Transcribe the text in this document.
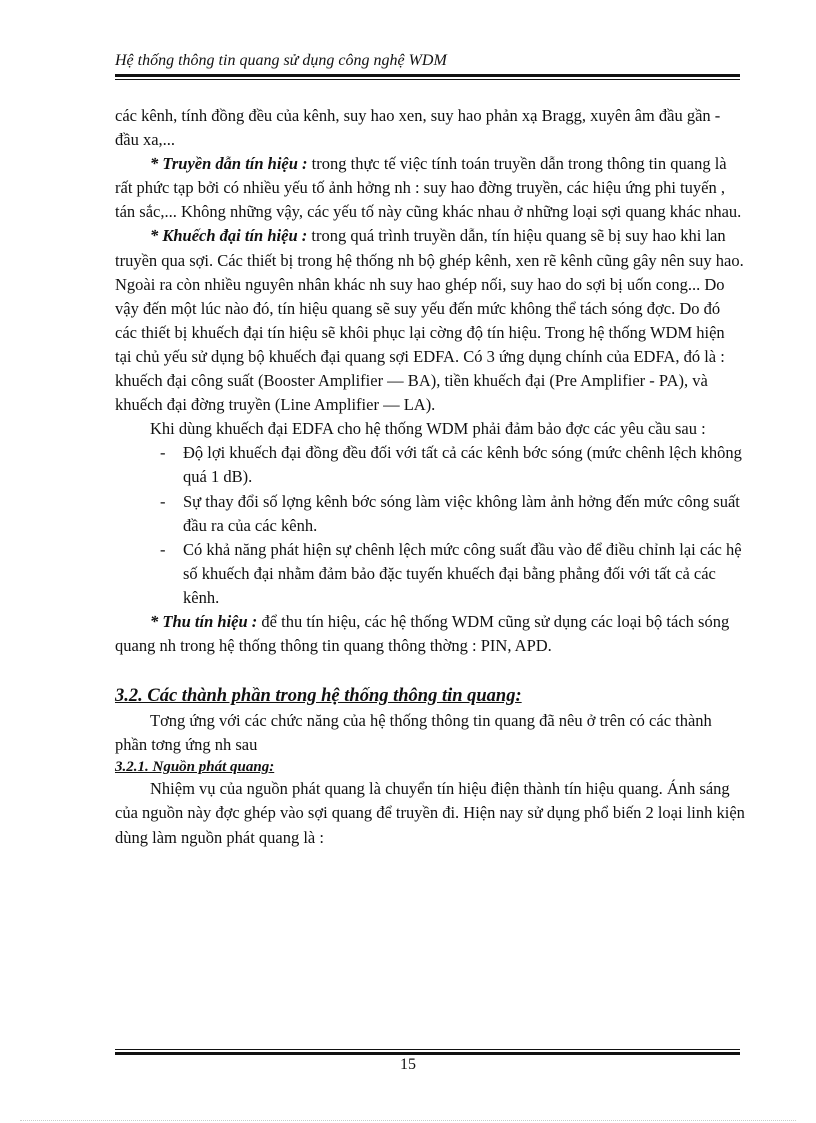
Hệ thống thông tin quang sử dụng công nghệ WDM

các kênh, tính đồng đều của kênh, suy hao xen, suy hao phản xạ Bragg, xuyên âm đầu gần - đầu xa,...

* Truyền dẫn tín hiệu : trong thực tế việc tính toán truyền dẫn trong thông tin quang là rất phức tạp bởi có nhiều yếu tố ảnh hởng nh : suy hao đờng truyền, các hiệu ứng phi tuyến , tán sắc,... Không những vậy, các yếu tố này cũng khác nhau ở những loại sợi quang khác nhau.

* Khuếch đại tín hiệu : trong quá trình truyền dẫn, tín hiệu quang sẽ bị suy hao khi lan truyền qua sợi. Các thiết bị trong hệ thống nh bộ ghép kênh, xen rẽ kênh cũng gây nên suy hao. Ngoài ra còn nhiều nguyên nhân khác nh suy hao ghép nối, suy hao do sợi bị uốn cong... Do vậy đến một lúc nào đó, tín hiệu quang sẽ suy yếu đến mức không thể tách sóng đợc. Do đó các thiết bị khuếch đại tín hiệu sẽ khôi phục lại cờng độ tín hiệu. Trong hệ thống WDM hiện tại chủ yếu sử dụng bộ khuếch đại quang sợi EDFA. Có 3 ứng dụng chính của EDFA, đó là : khuếch đại công suất (Booster Amplifier — BA), tiền khuếch đại (Pre Amplifier - PA), và khuếch đại đờng truyền (Line Amplifier — LA).

Khi dùng khuếch đại EDFA cho hệ thống WDM phải đảm bảo đợc các yêu cầu sau :

- Độ lợi khuếch đại đồng đều đối với tất cả các kênh bớc sóng (mức chênh lệch không quá 1 dB).
- Sự thay đổi số lợng kênh bớc sóng làm việc không làm ảnh hởng đến mức công suất đầu ra của các kênh.
- Có khả năng phát hiện sự chênh lệch mức công suất đầu vào để điều chỉnh lại các hệ số khuếch đại nhằm đảm bảo đặc tuyến khuếch đại bằng phẳng đối với tất cả các kênh.

* Thu tín hiệu : để thu tín hiệu, các hệ thống WDM cũng sử dụng các loại bộ tách sóng quang nh trong hệ thống thông tin quang thông thờng : PIN, APD.

3.2. Các thành phần trong hệ thống thông tin quang:

Tơng ứng với các chức năng của hệ thống thông tin quang đã nêu ở trên có các thành phần tơng ứng nh sau

3.2.1. Nguồn phát quang:

Nhiệm vụ của nguồn phát quang là chuyển tín hiệu điện thành tín hiệu quang. Ánh sáng của nguồn này đợc ghép vào sợi quang để truyền đi. Hiện nay sử dụng phổ biến 2 loại linh kiện dùng làm nguồn phát quang là :

15
